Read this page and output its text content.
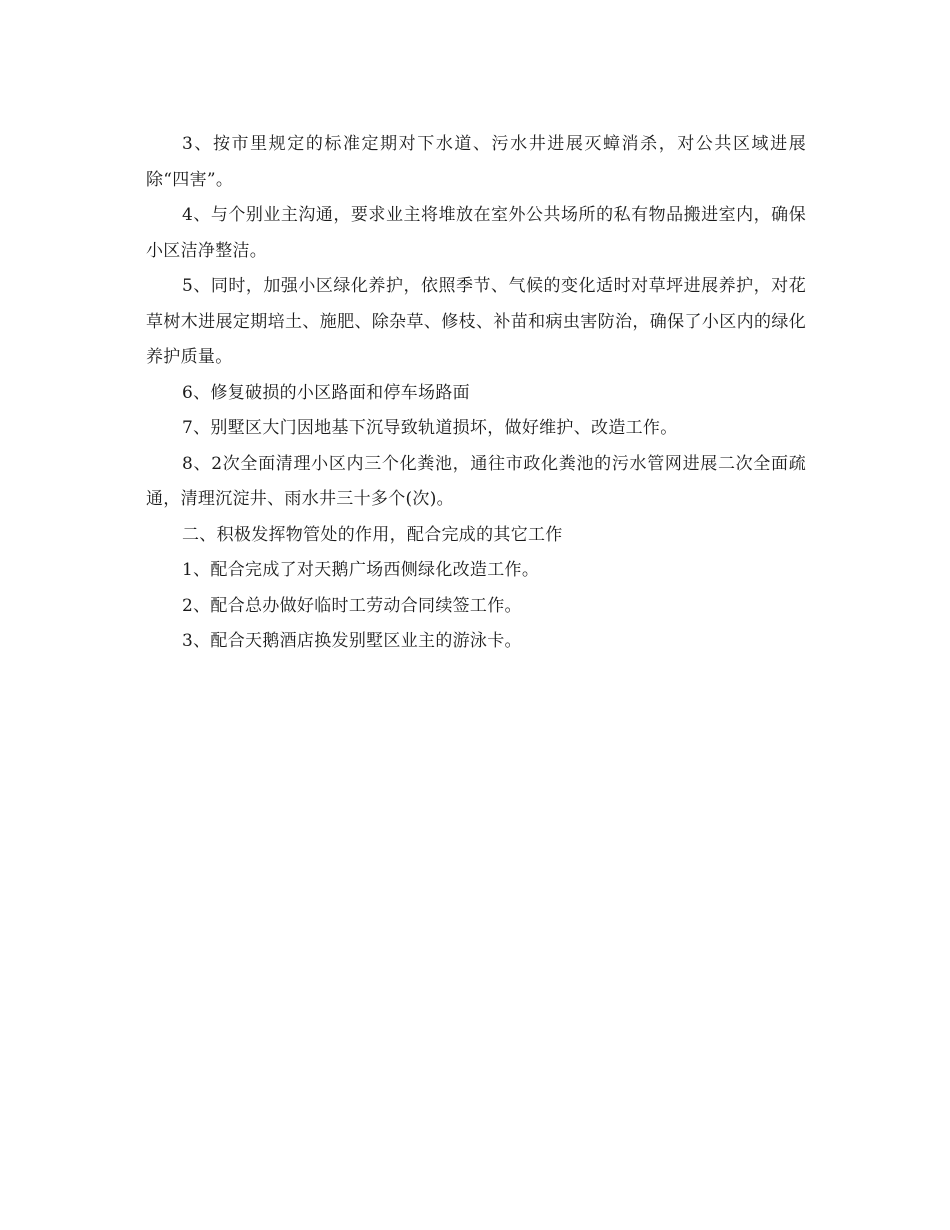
3、按市里规定的标准定期对下水道、污水井进展灭蟑消杀，对公共区域进展除“四害”。

4、与个别业主沟通，要求业主将堆放在室外公共场所的私有物品搬进室内，确保小区洁净整洁。

5、同时，加强小区绿化养护，依照季节、气候的变化适时对草坪进展养护，对花草树木进展定期培土、施肥、除杂草、修枝、补苗和病虫害防治，确保了小区内的绿化养护质量。

6、修复破损的小区路面和停车场路面

7、别墅区大门因地基下沉导致轨道损坏，做好维护、改造工作。

8、2次全面清理小区内三个化粪池，通往市政化粪池的污水管网进展二次全面疏通，清理沉淀井、雨水井三十多个(次)。

二、积极发挥物管处的作用，配合完成的其它工作

1、配合完成了对天鹅广场西侧绿化改造工作。

2、配合总办做好临时工劳动合同续签工作。

3、配合天鹅酒店换发别墅区业主的游泳卡。
